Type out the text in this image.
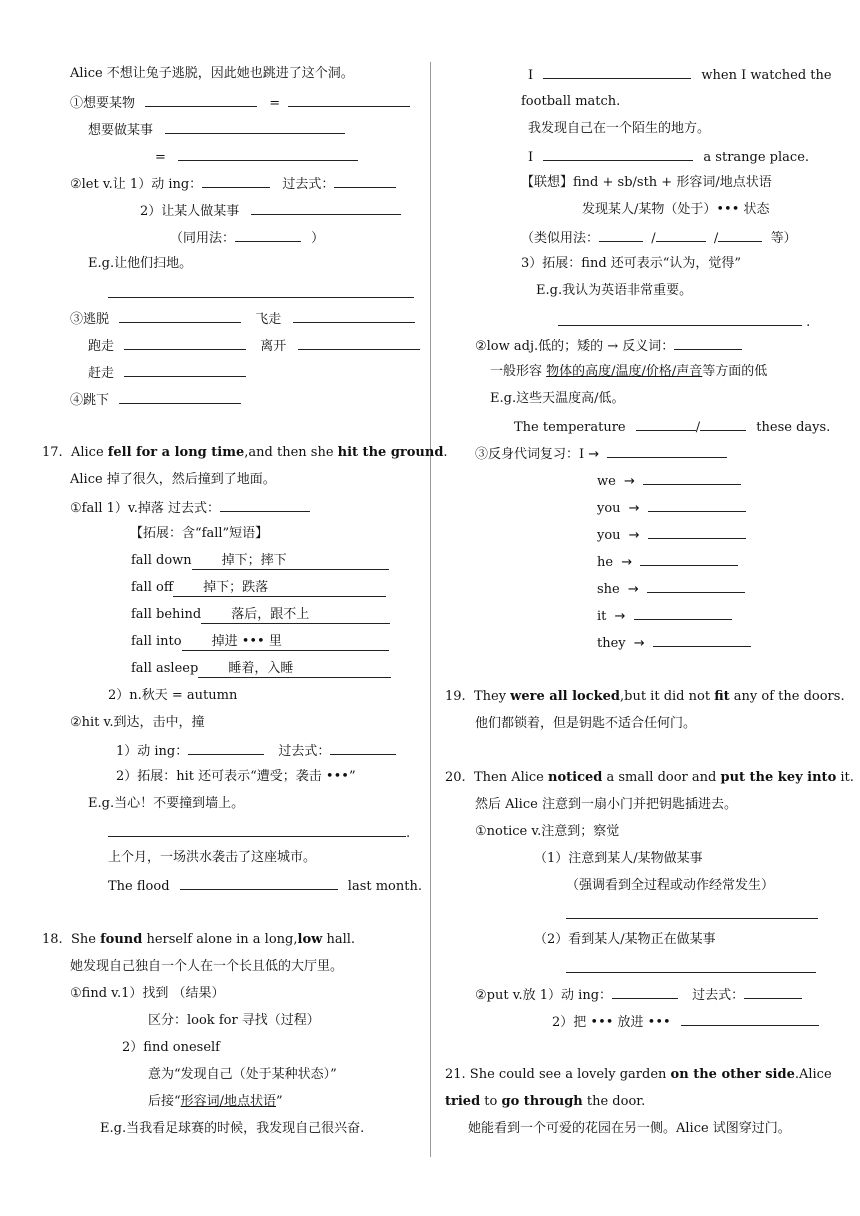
Alice 不想让兔子逃脱，因此她也跳进了这个洞。
①想要某物	=
想要做某事
=
②let v.让 1）动 ing：	过去式：
2）让某人做某事
（同用法：	）
E.g.让他们扫地。
③逃脱	飞走
跑走	离开
赶走
④跳下
17. Alice fell for a long time,and then she hit the ground.
Alice 掉了很久，然后撞到了地面。
①fall 1）v.掉落 过去式：
【拓展：含“fall”短语】
fall down 掉下；摔下
fall off 掉下；跌落
fall behind 落后，跟不上
fall into 掉进 ••• 里
fall asleep 睡着，入睡
2）n.秋天 = autumn
②hit v.到达，击中，撞
1）动 ing：	过去式：
2）拓展：hit 还可表示“遭受；袭击 •••”
E.g.当心！不要撞到墙上。
.
上个月，一场洪水袭击了这座城市。
The flood	last month.
18. She found herself alone in a long,low hall.
她发现自己独自一个人在一个长且低的大厅里。
①find v.1）找到 （结果）
区分：look for 寻找（过程）
2）find oneself
意为“发现自己（处于某种状态）”
后接“形容词/地点状语”
E.g.当我看足球赛的时候，我发现自己很兴奋.
I	when I watched the
football match.
我发现自己在一个陌生的地方。
I	a strange place.
【联想】find + sb/sth + 形容词/地点状语
发现某人/某物（处于）••• 状态
（类似用法：	/	/	等）
3）拓展：find 还可表示“认为，觉得”
E.g.我认为英语非常重要。
.
②low adj.低的；矮的 → 反义词：
一般形容 物体的高度/温度/价格/声音等方面的低
E.g.这些天温度高/低。
The temperature	/	these days.
③反身代词复习：I →
we →
you →
you →
he →
she →
it →
they →
19. They were all locked,but it did not fit any of the doors.
他们都锁着，但是钥匙不适合任何门。
20. Then Alice noticed a small door and put the key into it.
然后 Alice 注意到一扇小门并把钥匙插进去。
①notice v.注意到；察觉
（1）注意到某人/某物做某事
（强调看到全过程或动作经常发生）
（2）看到某人/某物正在做某事
②put v.放 1）动 ing：	过去式：
2）把 ••• 放进 •••
21. She could see a lovely garden on the other side.Alice
tried to go through the door.
她能看到一个可爱的花园在另一侧。Alice 试图穿过门。
